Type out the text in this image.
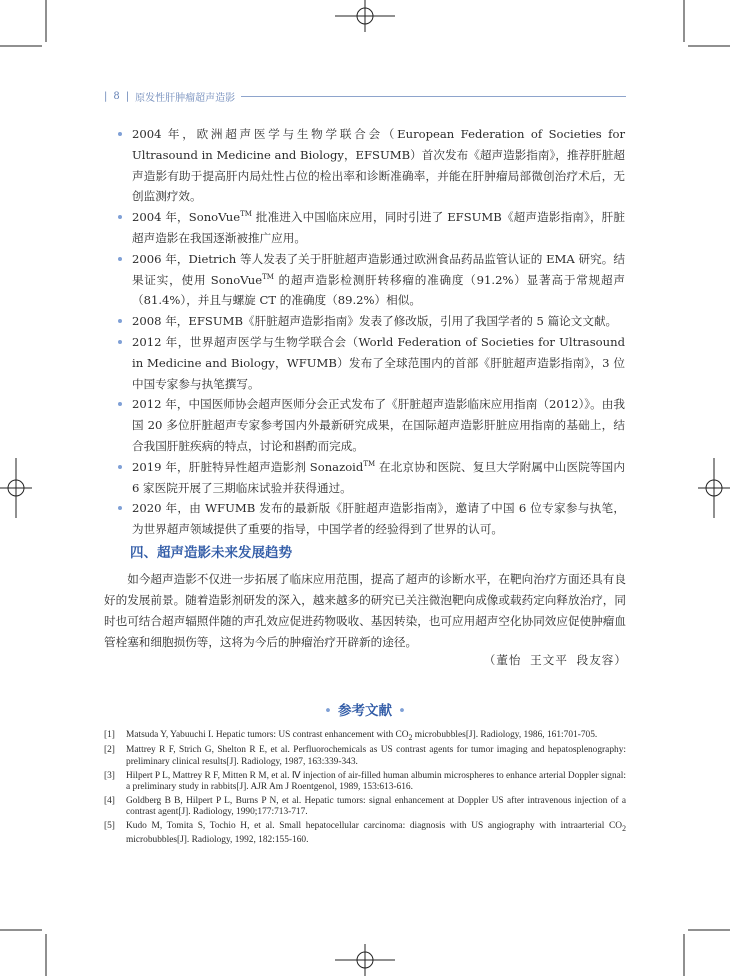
| 8 | 原发性肝肿瘤超声造影
2004 年，欧洲超声医学与生物学联合会（European Federation of Societies for Ultrasound in Medicine and Biology，EFSUMB）首次发布《超声造影指南》，推荐肝脏超声造影有助于提高肝内局灶性占位的检出率和诊断准确率，并能在肝肿瘤局部微创治疗术后，无创监测疗效。
2004 年，SonoVue™ 批准进入中国临床应用，同时引进了 EFSUMB《超声造影指南》，肝脏超声造影在我国逐渐被推广应用。
2006 年，Dietrich 等人发表了关于肝脏超声造影通过欧洲食品药品监管认证的 EMA 研究。结果证实，使用 SonoVue™ 的超声造影检测肝转移瘤的准确度（91.2%）显著高于常规超声（81.4%），并且与螺旋 CT 的准确度（89.2%）相似。
2008 年，EFSUMB《肝脏超声造影指南》发表了修改版，引用了我国学者的 5 篇论文文献。
2012 年，世界超声医学与生物学联合会（World Federation of Societies for Ultrasound in Medicine and Biology，WFUMB）发布了全球范围内的首部《肝脏超声造影指南》，3 位中国专家参与执笔撰写。
2012 年，中国医师协会超声医师分会正式发布了《肝脏超声造影临床应用指南（2012）》。由我国 20 多位肝脏超声专家参考国内外最新研究成果，在国际超声造影肝脏应用指南的基础上，结合我国肝脏疾病的特点，讨论和斟酌而完成。
2019 年，肝脏特异性超声造影剂 Sonazoid™ 在北京协和医院、复旦大学附属中山医院等国内 6 家医院开展了三期临床试验并获得通过。
2020 年，由 WFUMB 发布的最新版《肝脏超声造影指南》，邀请了中国 6 位专家参与执笔，为世界超声领域提供了重要的指导，中国学者的经验得到了世界的认可。
四、超声造影未来发展趋势

如今超声造影不仅进一步拓展了临床应用范围，提高了超声的诊断水平，在靶向治疗方面还具有良好的发展前景。随着造影剂研发的深入，越来越多的研究已关注微泡靶向成像或载药定向释放治疗，同时也可结合超声辐照伴随的声孔效应促进药物吸收、基因转染，也可应用超声空化协同效应促使肿瘤血管栓塞和细胞损伤等，这将为今后的肿瘤治疗开辟新的途径。

（董怡 王文平 段友容）
• 参考文献 •
[1]	Matsuda Y, Yabuuchi I. Hepatic tumors: US contrast enhancement with $CO_2$ microbubbles[J]. Radiology, 1986, 161:701-705.
[2]	Mattrey R F, Strich G, Shelton R E, et al. Perfluorochemicals as US contrast agents for tumor imaging and hepatosplenography: preliminary clinical results[J]. Radiology, 1987, 163:339-343.
[3]	Hilpert P L, Mattrey R F, Mitten R M, et al. Ⅳ injection of air-filled human albumin microspheres to enhance arterial Doppler signal: a preliminary study in rabbits[J]. AJR Am J Roentgenol, 1989, 153:613-616.
[4]	Goldberg B B, Hilpert P L, Burns P N, et al. Hepatic tumors: signal enhancement at Doppler US after intravenous injection of a contrast agent[J]. Radiology, 1990;177:713-717.
[5]	Kudo M, Tomita S, Tochio H, et al. Small hepatocellular carcinoma: diagnosis with US angiography with intraarterial $CO_2$ microbubbles[J]. Radiology, 1992, 182:155-160.
